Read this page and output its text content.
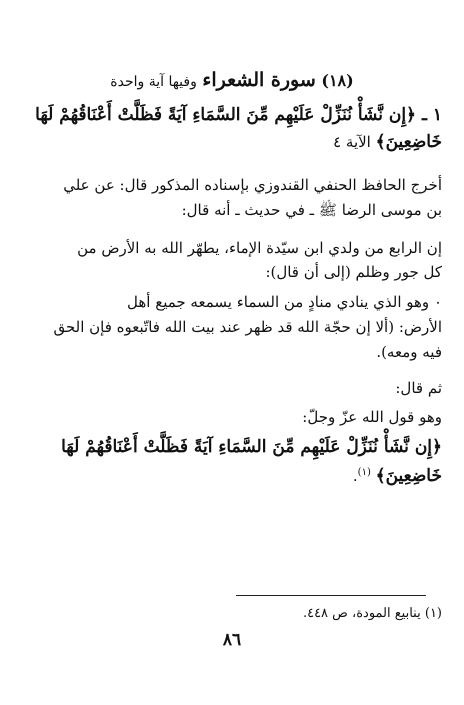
(١٨) سورة الشعراء وفيها آية واحدة
١ ـ ﴿إِن نَّشَأْ نُنَزِّلْ عَلَيْهِم مِّنَ السَّمَاءِ آيَةً فَظَلَّتْ أَعْنَاقُهُمْ لَهَا
خَاضِعِينَ﴾ الآية ٤
أخرج الحافظ الحنفي القندوزي بإسناده المذكور قال: عن علي
بن موسى الرضا ﷺ ـ في حديث ـ أنه قال:
إن الرابع من ولدي ابن سيّدة الإماء، يطهّر الله به الأرض من
كل جور وظلم (إلى أن قال):
٠ وهو الذي ينادي منادٍ من السماء يسمعه جميع أهل
الأرض: (ألا إن حجّة الله قد ظهر عند بيت الله فاتّبعوه فإن الحق
فيه ومعه).
ثم قال:
وهو قول الله عزّ وجلّ:
﴿إِن نَّشَأْ نُنَزِّلْ عَلَيْهِم مِّنَ السَّمَاءِ آيَةً فَظَلَّتْ أَعْنَاقُهُمْ لَهَا
خَاضِعِينَ﴾ $^{(١)}$.
(١) ينابيع المودة، ص ٤٤٨.
٨٦
